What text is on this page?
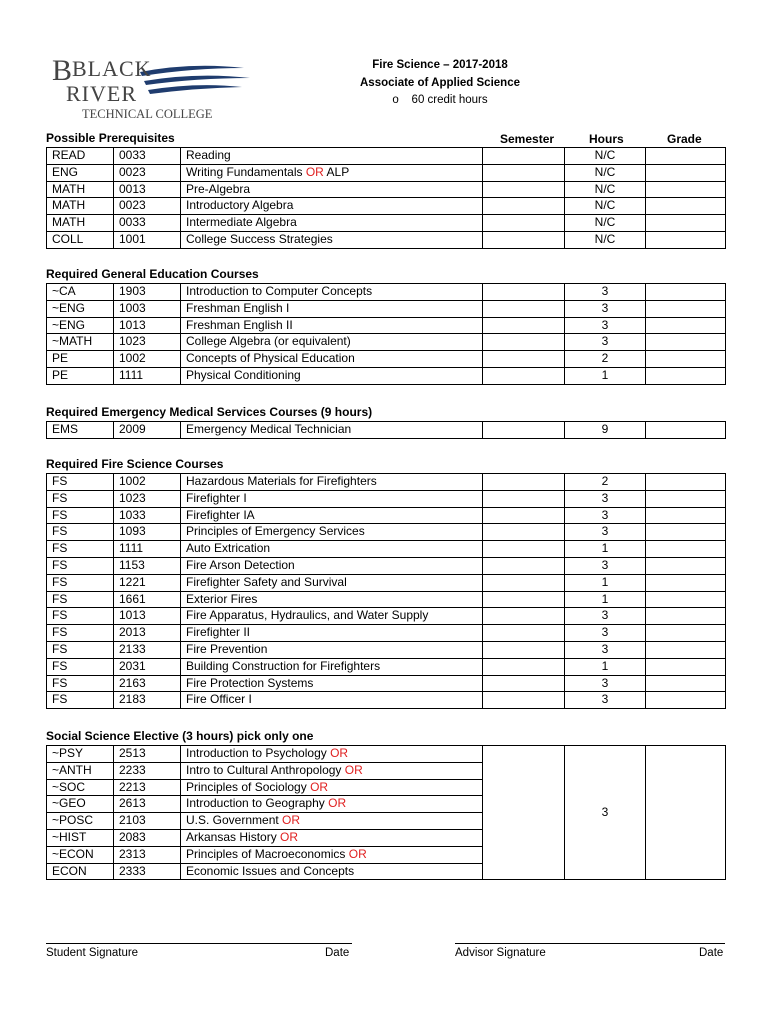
B BLACK
RIVER
TECHNICAL COLLEGE
Fire Science – 2017-2018
Associate of Applied Science
o 60 credit hours
Semester	Hours	Grade
Possible Prerequisites
Required General Education Courses
Required Emergency Medical Services Courses (9 hours)
Required Fire Science Courses
Social Science Elective (3 hours) pick only one
READ	0033	Reading		N/C	
ENG	0023	Writing Fundamentals OR ALP		N/C	
MATH	0013	Pre-Algebra		N/C	
MATH	0023	Introductory Algebra		N/C	
MATH	0033	Intermediate Algebra		N/C	
COLL	1001	College Success Strategies		N/C	
~CA	1903	Introduction to Computer Concepts		3	
~ENG	1003	Freshman English I		3	
~ENG	1013	Freshman English II		3	
~MATH	1023	College Algebra (or equivalent)		3	
PE	1002	Concepts of Physical Education		2	
PE	1111	Physical Conditioning		1	
EMS	2009	Emergency Medical Technician		9	
FS	1002	Hazardous Materials for Firefighters		2	
FS	1023	Firefighter I		3	
FS	1033	Firefighter IA		3	
FS	1093	Principles of Emergency Services		3	
FS	1111	Auto Extrication		1	
FS	1153	Fire Arson Detection		3	
FS	1221	Firefighter Safety and Survival		1	
FS	1661	Exterior Fires		1	
FS	1013	Fire Apparatus, Hydraulics, and Water Supply		3	
FS	2013	Firefighter II		3	
FS	2133	Fire Prevention		3	
FS	2031	Building Construction for Firefighters		1	
FS	2163	Fire Protection Systems		3	
FS	2183	Fire Officer I		3	
~PSY	2513	Introduction to Psychology OR		3	
~ANTH	2233	Intro to Cultural Anthropology OR			
~SOC	2213	Principles of Sociology OR			
~GEO	2613	Introduction to Geography OR			
~POSC	2103	U.S. Government OR			
~HIST	2083	Arkansas History OR			
~ECON	2313	Principles of Macroeconomics OR			
ECON	2333	Economic Issues and Concepts			
Student Signature	Date	Advisor Signature	Date
